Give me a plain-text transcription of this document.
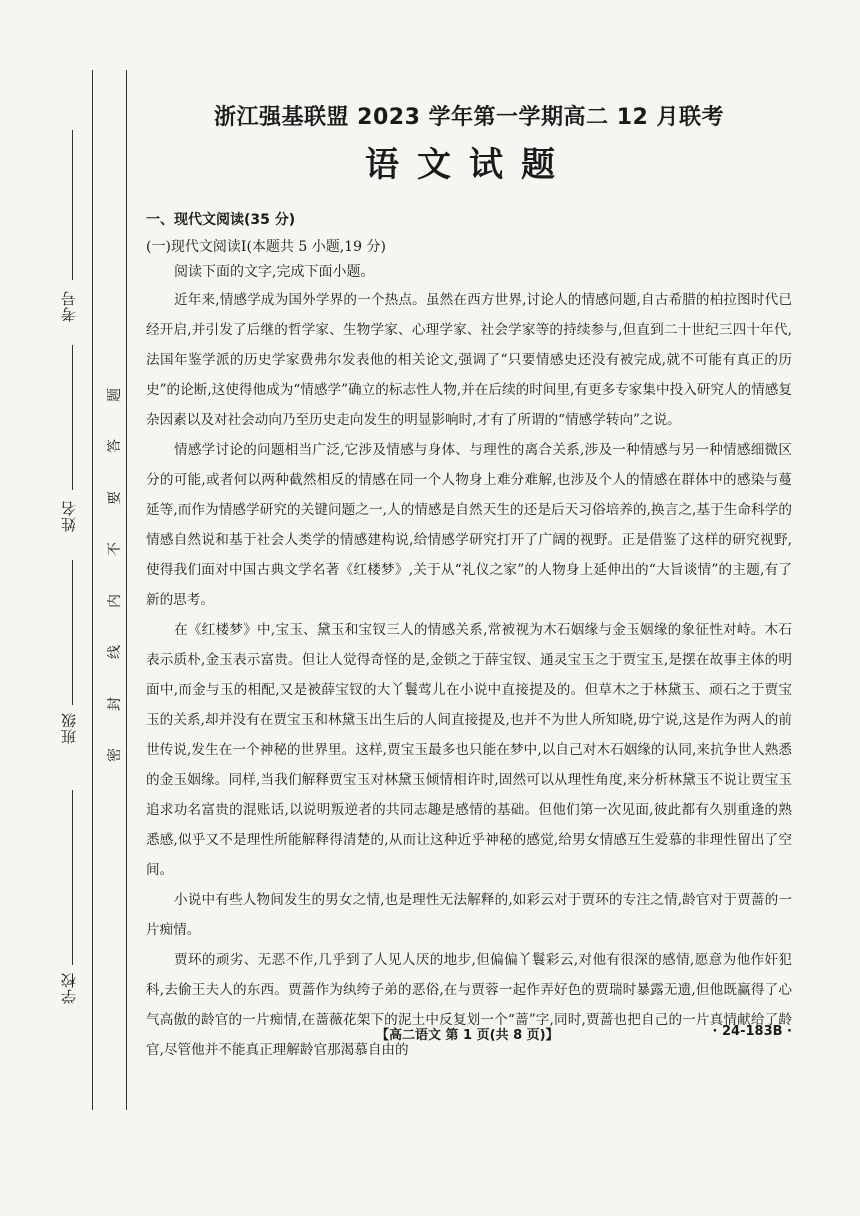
考号
姓名
班级
学校
题
答
要
不
内
线
封
密
浙江强基联盟 2023 学年第一学期高二 12 月联考
语文试题
一、现代文阅读(35 分)
(一)现代文阅读Ⅰ(本题共 5 小题,19 分)

阅读下面的文字,完成下面小题。

近年来,情感学成为国外学界的一个热点。虽然在西方世界,讨论人的情感问题,自古希腊的柏拉图时代已经开启,并引发了后继的哲学家、生物学家、心理学家、社会学家等的持续参与,但直到二十世纪三四十年代,法国年鉴学派的历史学家费弗尔发表他的相关论文,强调了“只要情感史还没有被完成,就不可能有真正的历史”的论断,这使得他成为“情感学”确立的标志性人物,并在后续的时间里,有更多专家集中投入研究人的情感复杂因素以及对社会动向乃至历史走向发生的明显影响时,才有了所谓的“情感学转向”之说。

情感学讨论的问题相当广泛,它涉及情感与身体、与理性的离合关系,涉及一种情感与另一种情感细微区分的可能,或者何以两种截然相反的情感在同一个人物身上难分难解,也涉及个人的情感在群体中的感染与蔓延等,而作为情感学研究的关键问题之一,人的情感是自然天生的还是后天习俗培养的,换言之,基于生命科学的情感自然说和基于社会人类学的情感建构说,给情感学研究打开了广阔的视野。正是借鉴了这样的研究视野,使得我们面对中国古典文学名著《红楼梦》,关于从“礼仪之家”的人物身上延伸出的“大旨谈情”的主题,有了新的思考。

在《红楼梦》中,宝玉、黛玉和宝钗三人的情感关系,常被视为木石姻缘与金玉姻缘的象征性对峙。木石表示质朴,金玉表示富贵。但让人觉得奇怪的是,金锁之于薛宝钗、通灵宝玉之于贾宝玉,是摆在故事主体的明面中,而金与玉的相配,又是被薛宝钗的大丫鬟莺儿在小说中直接提及的。但草木之于林黛玉、顽石之于贾宝玉的关系,却并没有在贾宝玉和林黛玉出生后的人间直接提及,也并不为世人所知晓,毋宁说,这是作为两人的前世传说,发生在一个神秘的世界里。这样,贾宝玉最多也只能在梦中,以自己对木石姻缘的认同,来抗争世人熟悉的金玉姻缘。同样,当我们解释贾宝玉对林黛玉倾情相许时,固然可以从理性角度,来分析林黛玉不说让贾宝玉追求功名富贵的混账话,以说明叛逆者的共同志趣是感情的基础。但他们第一次见面,彼此都有久别重逢的熟悉感,似乎又不是理性所能解释得清楚的,从而让这种近乎神秘的感觉,给男女情感互生爱慕的非理性留出了空间。

小说中有些人物间发生的男女之情,也是理性无法解释的,如彩云对于贾环的专注之情,龄官对于贾蔷的一片痴情。

贾环的顽劣、无恶不作,几乎到了人见人厌的地步,但偏偏丫鬟彩云,对他有很深的感情,愿意为他作奸犯科,去偷王夫人的东西。贾蔷作为纨绔子弟的恶俗,在与贾蓉一起作弄好色的贾瑞时暴露无遗,但他既赢得了心气高傲的龄官的一片痴情,在蔷薇花架下的泥土中反复划一个“蔷”字,同时,贾蔷也把自己的一片真情献给了龄官,尽管他并不能真正理解龄官那渴慕自由的

【高二语文 第 1 页(共 8 页)】	· 24-183B ·
